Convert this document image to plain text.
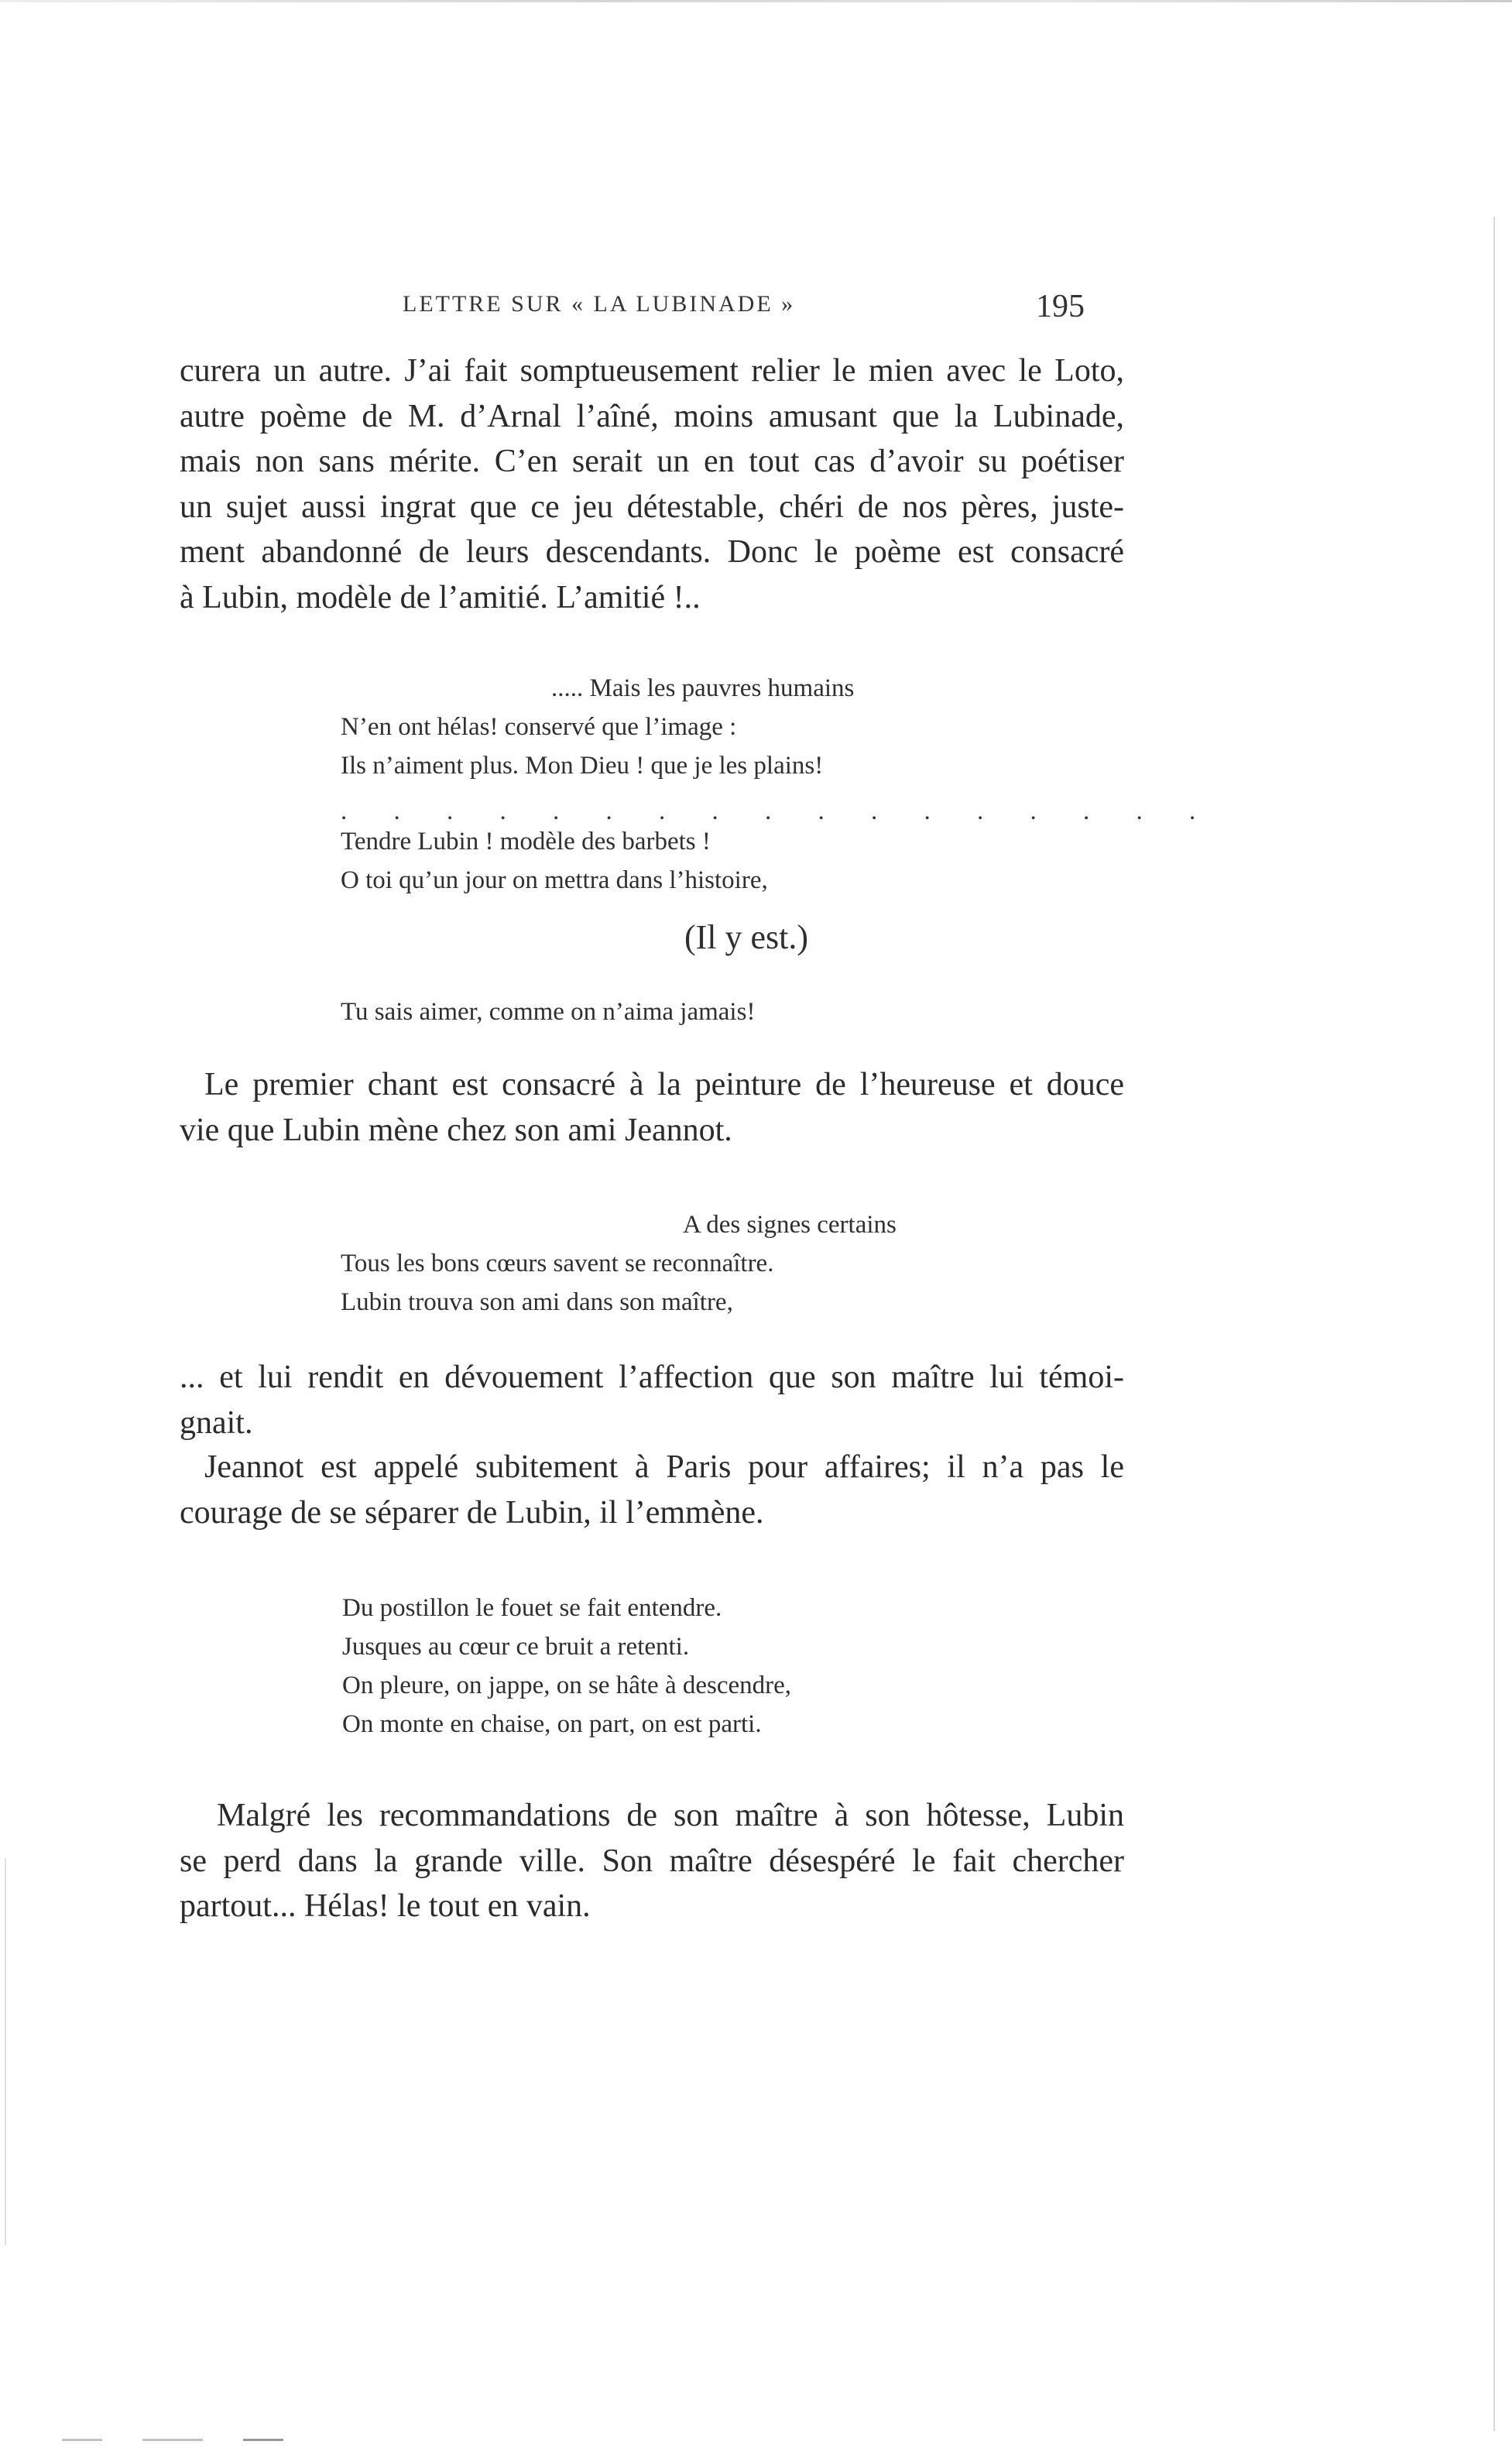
LETTRE SUR « LA LUBINADE »	195
curera un autre. J’ai fait somptueusement relier le mien avec le Loto,
autre poème de M. d’Arnal l’aîné, moins amusant que la Lubinade,
mais non sans mérite. C’en serait un en tout cas d’avoir su poétiser
un sujet aussi ingrat que ce jeu détestable, chéri de nos pères, juste-
ment abandonné de leurs descendants. Donc le poème est consacré
à Lubin, modèle de l’amitié. L’amitié !..
..... Mais les pauvres humains
N’en ont hélas! conservé que l’image :
Ils n’aiment plus. Mon Dieu ! que je les plains!
. . . . . . . . . . . . . . . . .
Tendre Lubin ! modèle des barbets !
O toi qu’un jour on mettra dans l’histoire,
(Il y est.)
Tu sais aimer, comme on n’aima jamais!
Le premier chant est consacré à la peinture de l’heureuse et douce
vie que Lubin mène chez son ami Jeannot.
A des signes certains
Tous les bons cœurs savent se reconnaître.
Lubin trouva son ami dans son maître,
... et lui rendit en dévouement l’affection que son maître lui témoi-
gnait.
Jeannot est appelé subitement à Paris pour affaires; il n’a pas le
courage de se séparer de Lubin, il l’emmène.
Du postillon le fouet se fait entendre.
Jusques au cœur ce bruit a retenti.
On pleure, on jappe, on se hâte à descendre,
On monte en chaise, on part, on est parti.
Malgré les recommandations de son maître à son hôtesse, Lubin
se perd dans la grande ville. Son maître désespéré le fait chercher
partout... Hélas! le tout en vain.
